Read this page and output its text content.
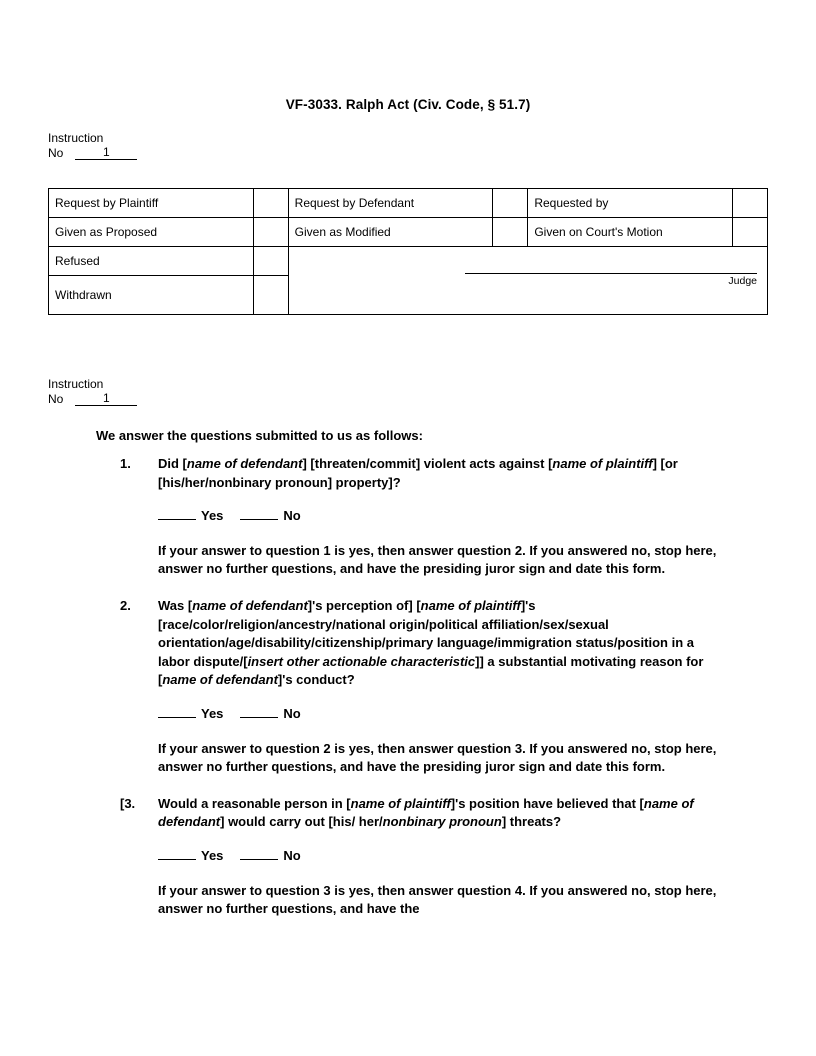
VF-3033. Ralph Act (Civ. Code, § 51.7)
Instruction
No	1
Request by Plaintiff		Request by Defendant		Requested by	
Given as Proposed		Given as Modified		Given on Court's Motion	
Refused		Judge			

Withdrawn					
Instruction
No	1
We answer the questions submitted to us as follows:
1.	Did [name of defendant] [threaten/commit] violent acts against [name of plaintiff] [or [his/her/nonbinary pronoun] property]?
Yes	No
If your answer to question 1 is yes, then answer question 2. If you answered no, stop here, answer no further questions, and have the presiding juror sign and date this form.
2.	Was [name of defendant]'s perception of] [name of plaintiff]'s [race/color/religion/ancestry/national origin/political affiliation/sex/sexual orientation/age/disability/citizenship/primary language/immigration status/position in a labor dispute/[insert other actionable characteristic]] a substantial motivating reason for [name of defendant]'s conduct?
Yes	No
If your answer to question 2 is yes, then answer question 3. If you answered no, stop here, answer no further questions, and have the presiding juror sign and date this form.
[3.	Would a reasonable person in [name of plaintiff]'s position have believed that [name of defendant] would carry out [his/ her/nonbinary pronoun] threats?
Yes	No
If your answer to question 3 is yes, then answer question 4. If you answered no, stop here, answer no further questions, and have the
